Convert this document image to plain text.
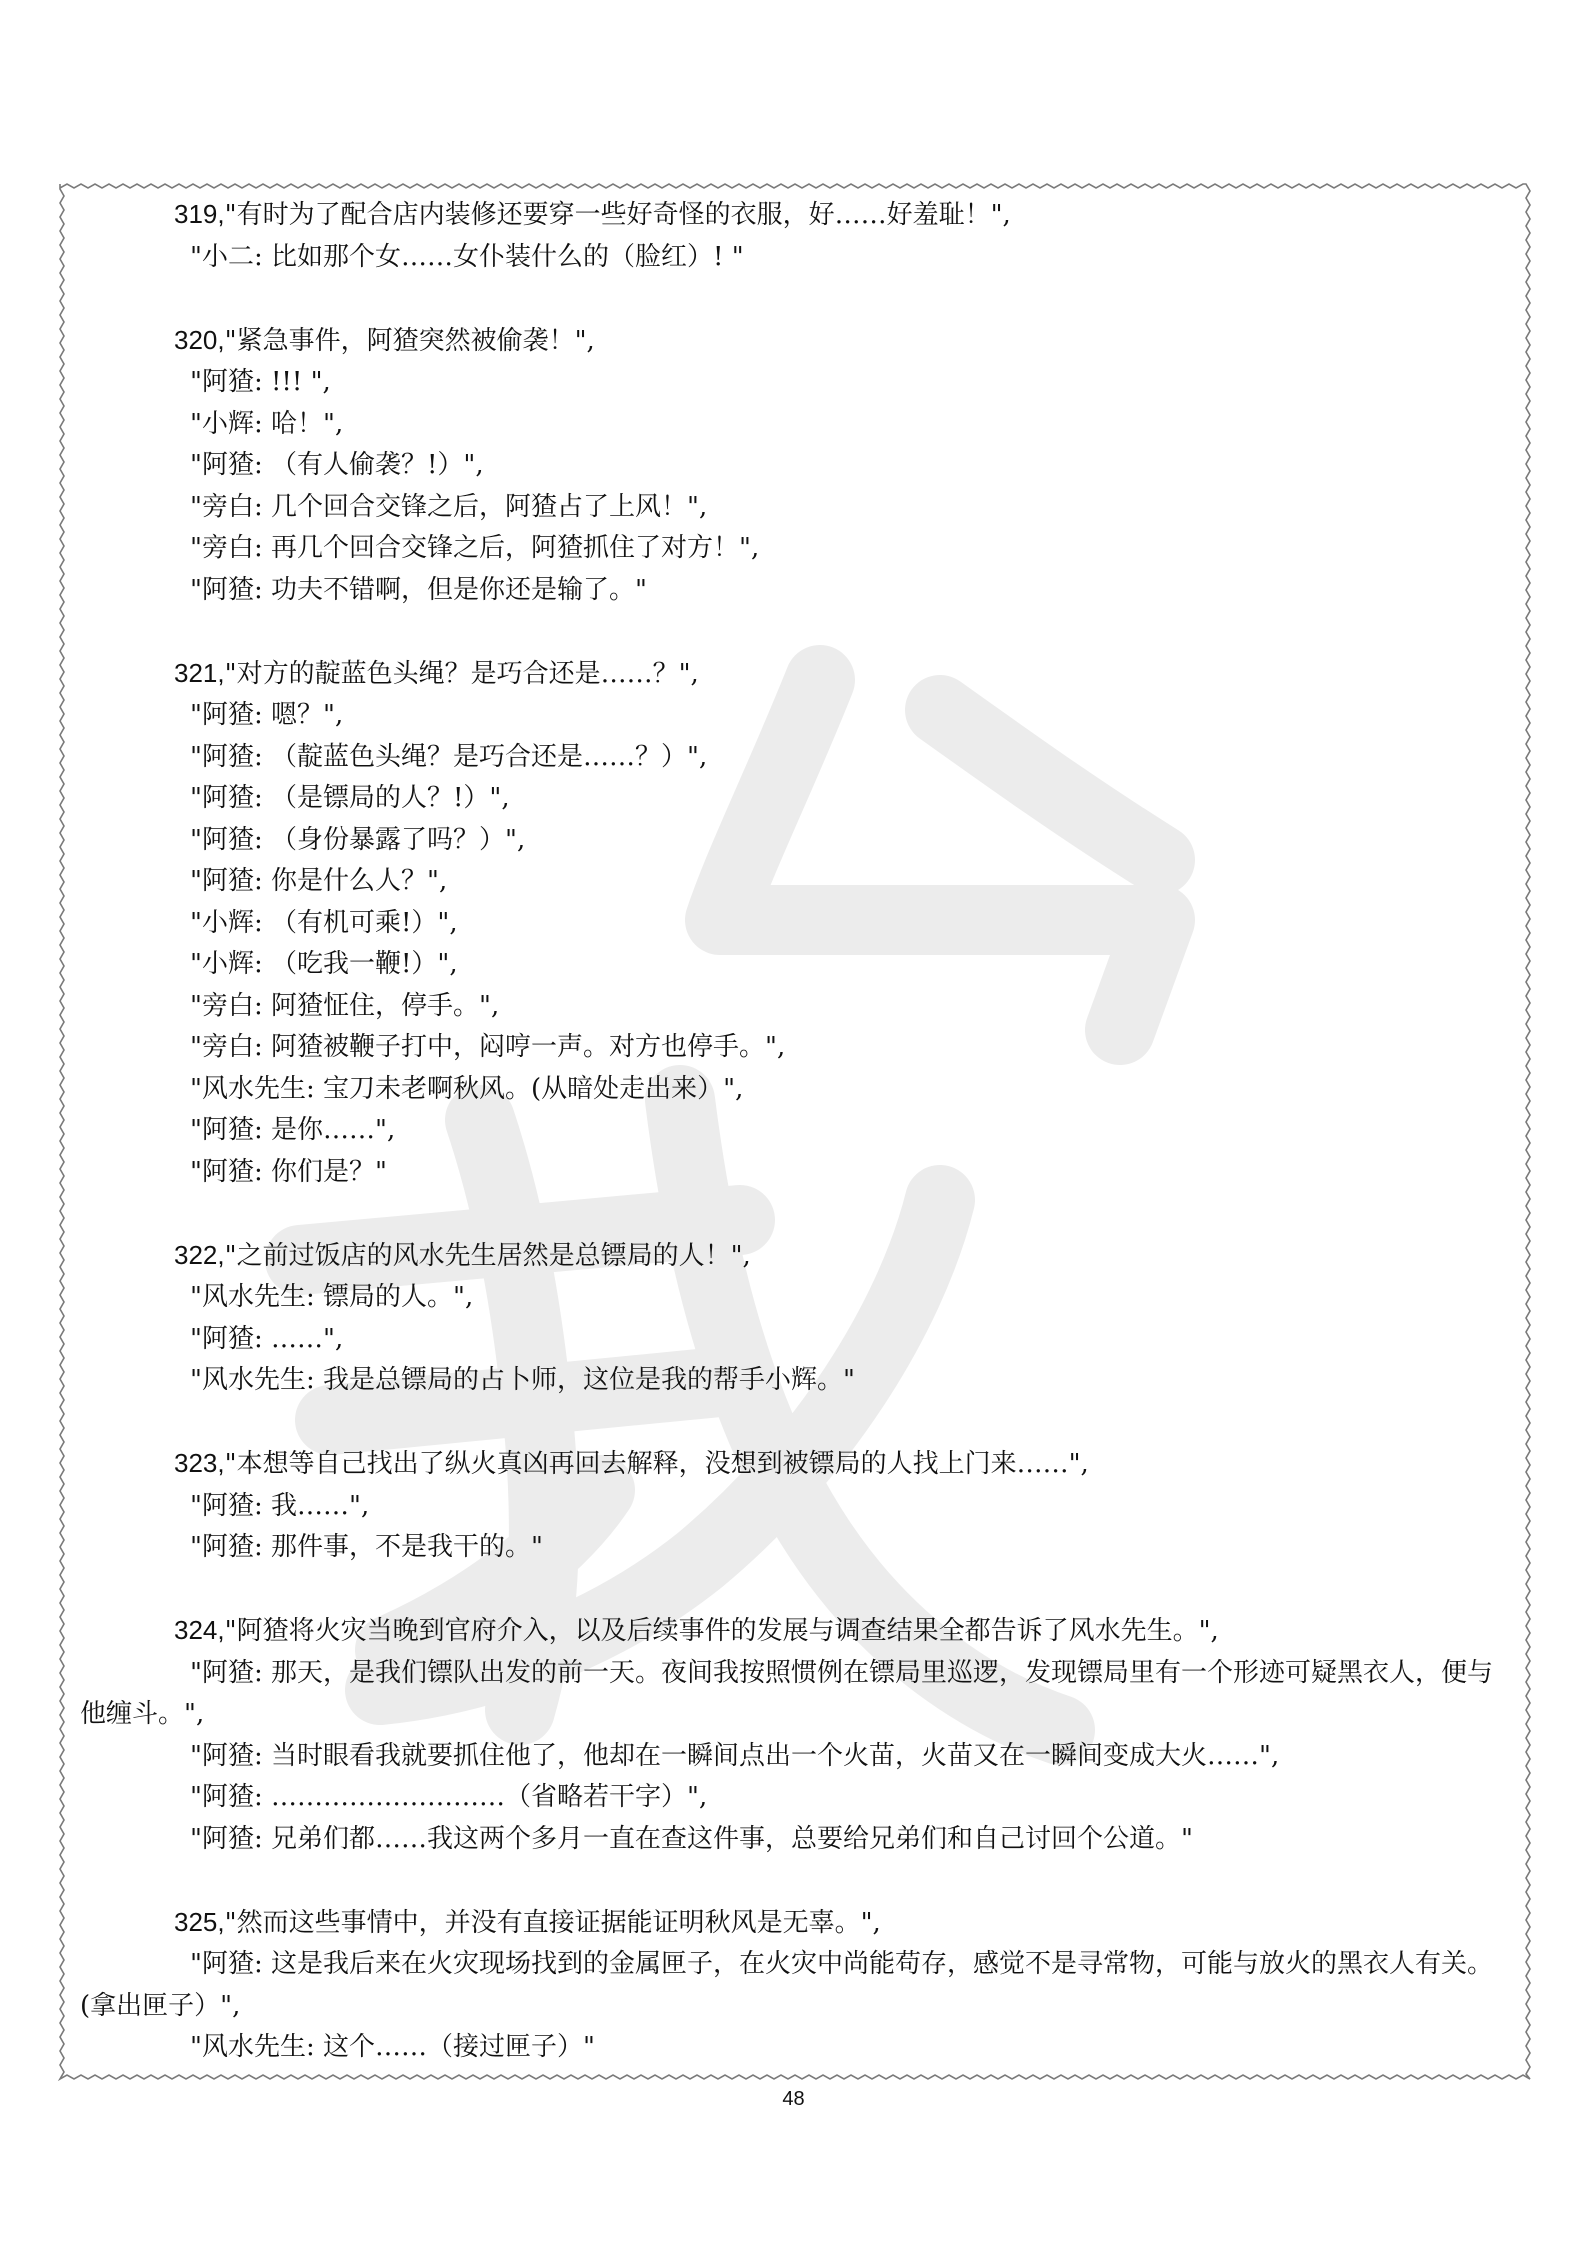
319,"有时为了配合店内装修还要穿一些好奇怪的衣服，好……好羞耻！",
"小二: 比如那个女……女仆装什么的（脸红）! "
320,"紧急事件，阿猹突然被偷袭！",
"阿猹: !!! ",
"小辉: 哈！",
"阿猹: （有人偷袭？!）",
"旁白: 几个回合交锋之后，阿猹占了上风！",
"旁白: 再几个回合交锋之后，阿猹抓住了对方！",
"阿猹: 功夫不错啊，但是你还是输了。"
321,"对方的靛蓝色头绳？是巧合还是……？",
"阿猹: 嗯？",
"阿猹: （靛蓝色头绳？是巧合还是……？）",
"阿猹: （是镖局的人？!）",
"阿猹: （身份暴露了吗？）",
"阿猹: 你是什么人？",
"小辉: （有机可乘!）",
"小辉: （吃我一鞭!）",
"旁白: 阿猹怔住，停手。",
"旁白: 阿猹被鞭子打中，闷哼一声。对方也停手。",
"风水先生: 宝刀未老啊秋风。(从暗处走出来）",
"阿猹: 是你……",
"阿猹: 你们是？"
322,"之前过饭店的风水先生居然是总镖局的人！",
"风水先生: 镖局的人。",
"阿猹: ……",
"风水先生: 我是总镖局的占卜师，这位是我的帮手小辉。"
323,"本想等自己找出了纵火真凶再回去解释，没想到被镖局的人找上门来……",
"阿猹: 我……",
"阿猹: 那件事，不是我干的。"
324,"阿猹将火灾当晚到官府介入，以及后续事件的发展与调查结果全都告诉了风水先生。",
"阿猹: 那天，是我们镖队出发的前一天。夜间我按照惯例在镖局里巡逻，发现镖局里有一个形迹可疑黑衣人，便与他缠斗。",
"阿猹: 当时眼看我就要抓住他了，他却在一瞬间点出一个火苗，火苗又在一瞬间变成大火……",
"阿猹: ………………………（省略若干字）",
"阿猹: 兄弟们都……我这两个多月一直在查这件事，总要给兄弟们和自己讨回个公道。"
325,"然而这些事情中，并没有直接证据能证明秋风是无辜。",
"阿猹: 这是我后来在火灾现场找到的金属匣子，在火灾中尚能苟存，感觉不是寻常物，可能与放火的黑衣人有关。(拿出匣子）",
"风水先生: 这个……（接过匣子）"
48
